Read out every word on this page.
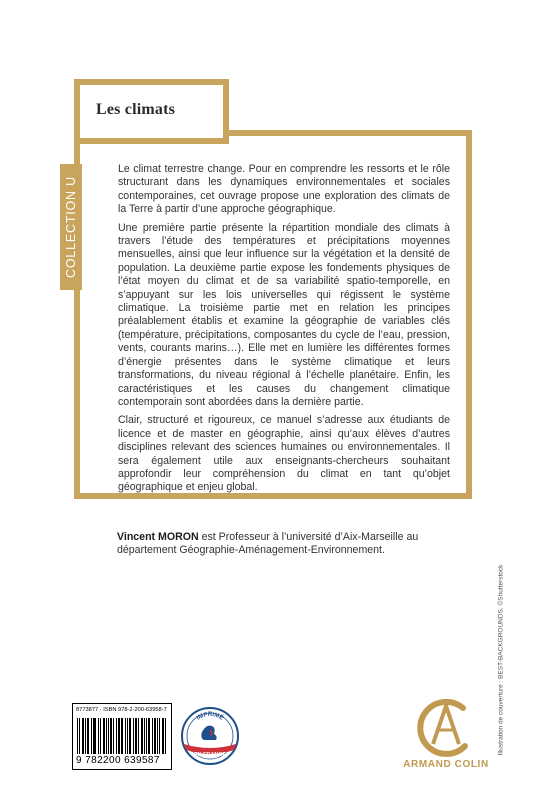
Les climats
COLLECTION U

Le climat terrestre change. Pour en comprendre les ressorts et le rôle structurant dans les dynamiques environnementales et sociales contemporaines, cet ouvrage propose une exploration des climats de la Terre à partir d’une approche géographique.

Une première partie présente la répartition mondiale des climats à travers l’étude des températures et précipitations moyennes mensuelles, ainsi que leur influence sur la végétation et la densité de population. La deuxième partie expose les fondements physiques de l’état moyen du climat et de sa variabilité spatio-temporelle, en s’appuyant sur les lois universelles qui régissent le système climatique. La troisième partie met en relation les principes préalablement établis et examine la géographie de variables clés (température, précipitations, composantes du cycle de l’eau, pression, vents, courants marins…). Elle met en lumière les différentes formes d’énergie présentes dans le système climatique et leurs transformations, du niveau régional à l’échelle planétaire. Enfin, les caractéristiques et les causes du changement climatique contemporain sont abordées dans la dernière partie.

Clair, structuré et rigoureux, ce manuel s’adresse aux étudiants de licence et de master en géographie, ainsi qu’aux élèves d’autres disciplines relevant des sciences humaines ou environnementales. Il sera également utile aux enseignants-chercheurs souhaitant approfondir leur compréhension du climat en tant qu’objet géographique et enjeu global.

Vincent MORON est Professeur à l’université d’Aix-Marseille au département Géographie-Aménagement-Environnement.
Illustration de couverture : BEST-BACKGROUNDS, ©Shutterstock
8773877 · ISBN 978-2-200-63958-7
9 782200 639587
IMPRIMÉ
EN FRANCE
ARMAND COLIN
